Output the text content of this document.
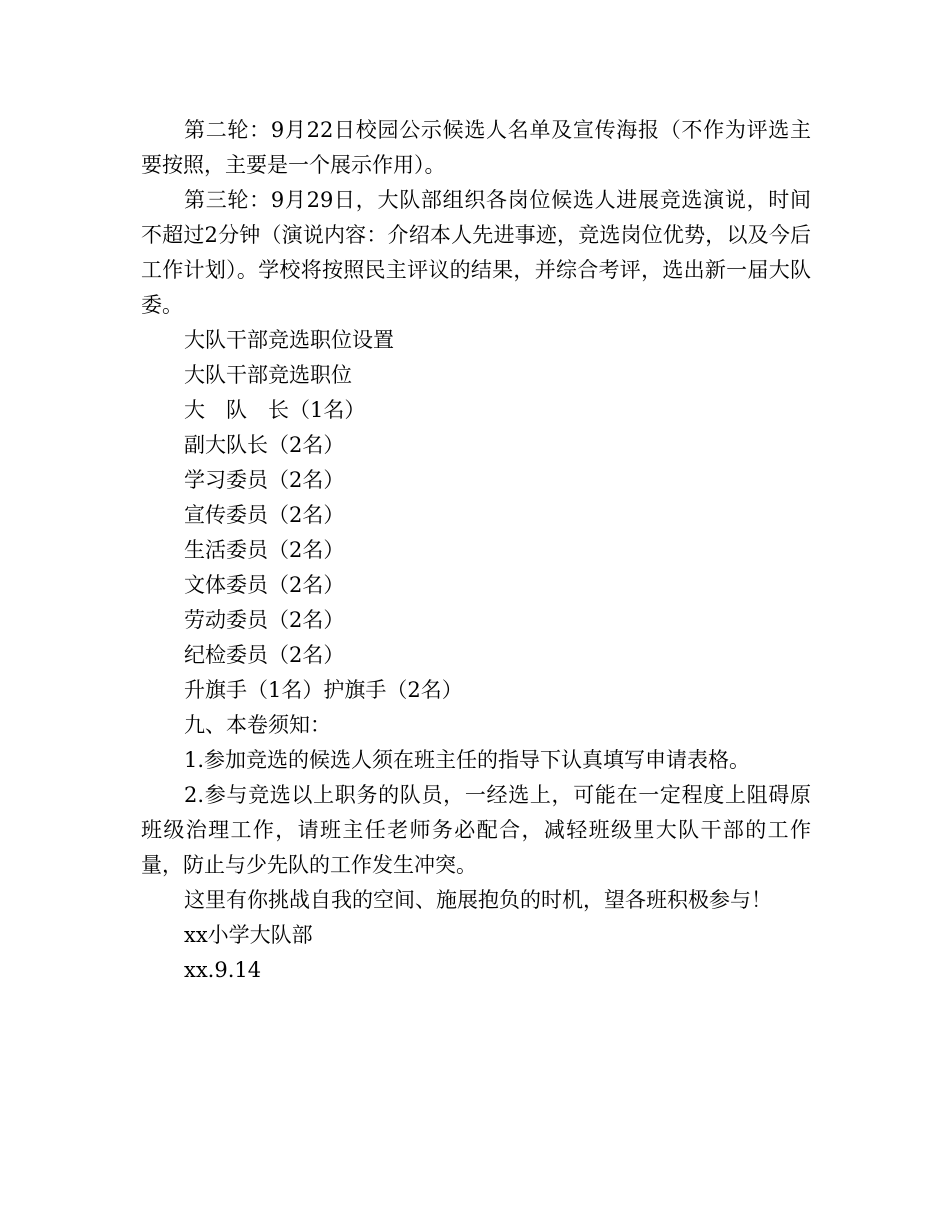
第二轮：9月22日校园公示候选人名单及宣传海报（不作为评选主要按照，主要是一个展示作用）。

第三轮：9月29日，大队部组织各岗位候选人进展竞选演说，时间不超过2分钟（演说内容：介绍本人先进事迹，竞选岗位优势，以及今后工作计划）。学校将按照民主评议的结果，并综合考评，选出新一届大队委。

大队干部竞选职位设置

大队干部竞选职位

大　队　长（1名）

副大队长（2名）

学习委员（2名）

宣传委员（2名）

生活委员（2名）

文体委员（2名）

劳动委员（2名）

纪检委员（2名）

升旗手（1名）护旗手（2名）

九、本卷须知：

1.参加竞选的候选人须在班主任的指导下认真填写申请表格。

2.参与竞选以上职务的队员，一经选上，可能在一定程度上阻碍原班级治理工作，请班主任老师务必配合，减轻班级里大队干部的工作量，防止与少先队的工作发生冲突。

这里有你挑战自我的空间、施展抱负的时机，望各班积极参与！

xx小学大队部

xx.9.14
